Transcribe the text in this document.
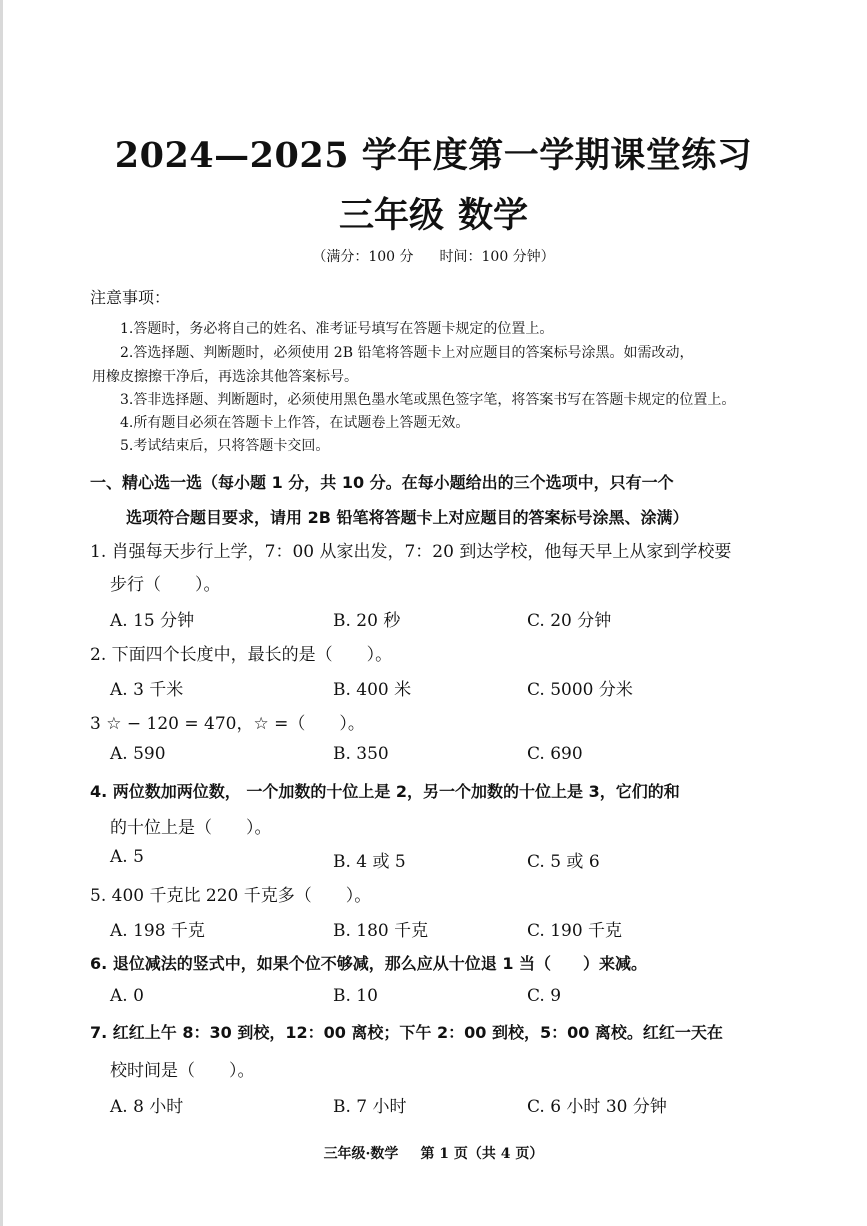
2024—2025 学年度第一学期课堂练习
三年级 数学
（满分：100 分 时间：100 分钟）
注意事项：
1.答题时，务必将自己的姓名、准考证号填写在答题卡规定的位置上。
2.答选择题、判断题时，必须使用 2B 铅笔将答题卡上对应题目的答案标号涂黑。如需改动，
用橡皮擦擦干净后，再选涂其他答案标号。
3.答非选择题、判断题时，必须使用黑色墨水笔或黑色签字笔，将答案书写在答题卡规定的位置上。
4.所有题目必须在答题卡上作答，在试题卷上答题无效。
5.考试结束后，只将答题卡交回。
一、精心选一选（每小题 1 分，共 10 分。在每小题给出的三个选项中，只有一个
选项符合题目要求，请用 2B 铅笔将答题卡上对应题目的答案标号涂黑、涂满）
1. 肖强每天步行上学，7：00 从家出发，7：20 到达学校，他每天早上从家到学校要
步行（　　）。
A. 15 分钟	B. 20 秒	C. 20 分钟
2. 下面四个长度中，最长的是（　　）。
A. 3 千米	B. 400 米	C. 5000 分米
3 ☆ − 120 = 470，☆ =（　　）。
A. 590	B. 350	C. 690
4. 两位数加两位数， 一个加数的十位上是 2，另一个加数的十位上是 3，它们的和
的十位上是（　　）。
A. 5	B. 4 或 5	C. 5 或 6
5. 400 千克比 220 千克多（　　）。
A. 198 千克	B. 180 千克	C. 190 千克
6. 退位减法的竖式中，如果个位不够减，那么应从十位退 1 当（　　）来减。
A. 0	B. 10	C. 9
7. 红红上午 8：30 到校，12：00 离校；下午 2：00 到校，5：00 离校。红红一天在
校时间是（　　）。
A. 8 小时	B. 7 小时	C. 6 小时 30 分钟
三年级·数学 第 1 页（共 4 页）
